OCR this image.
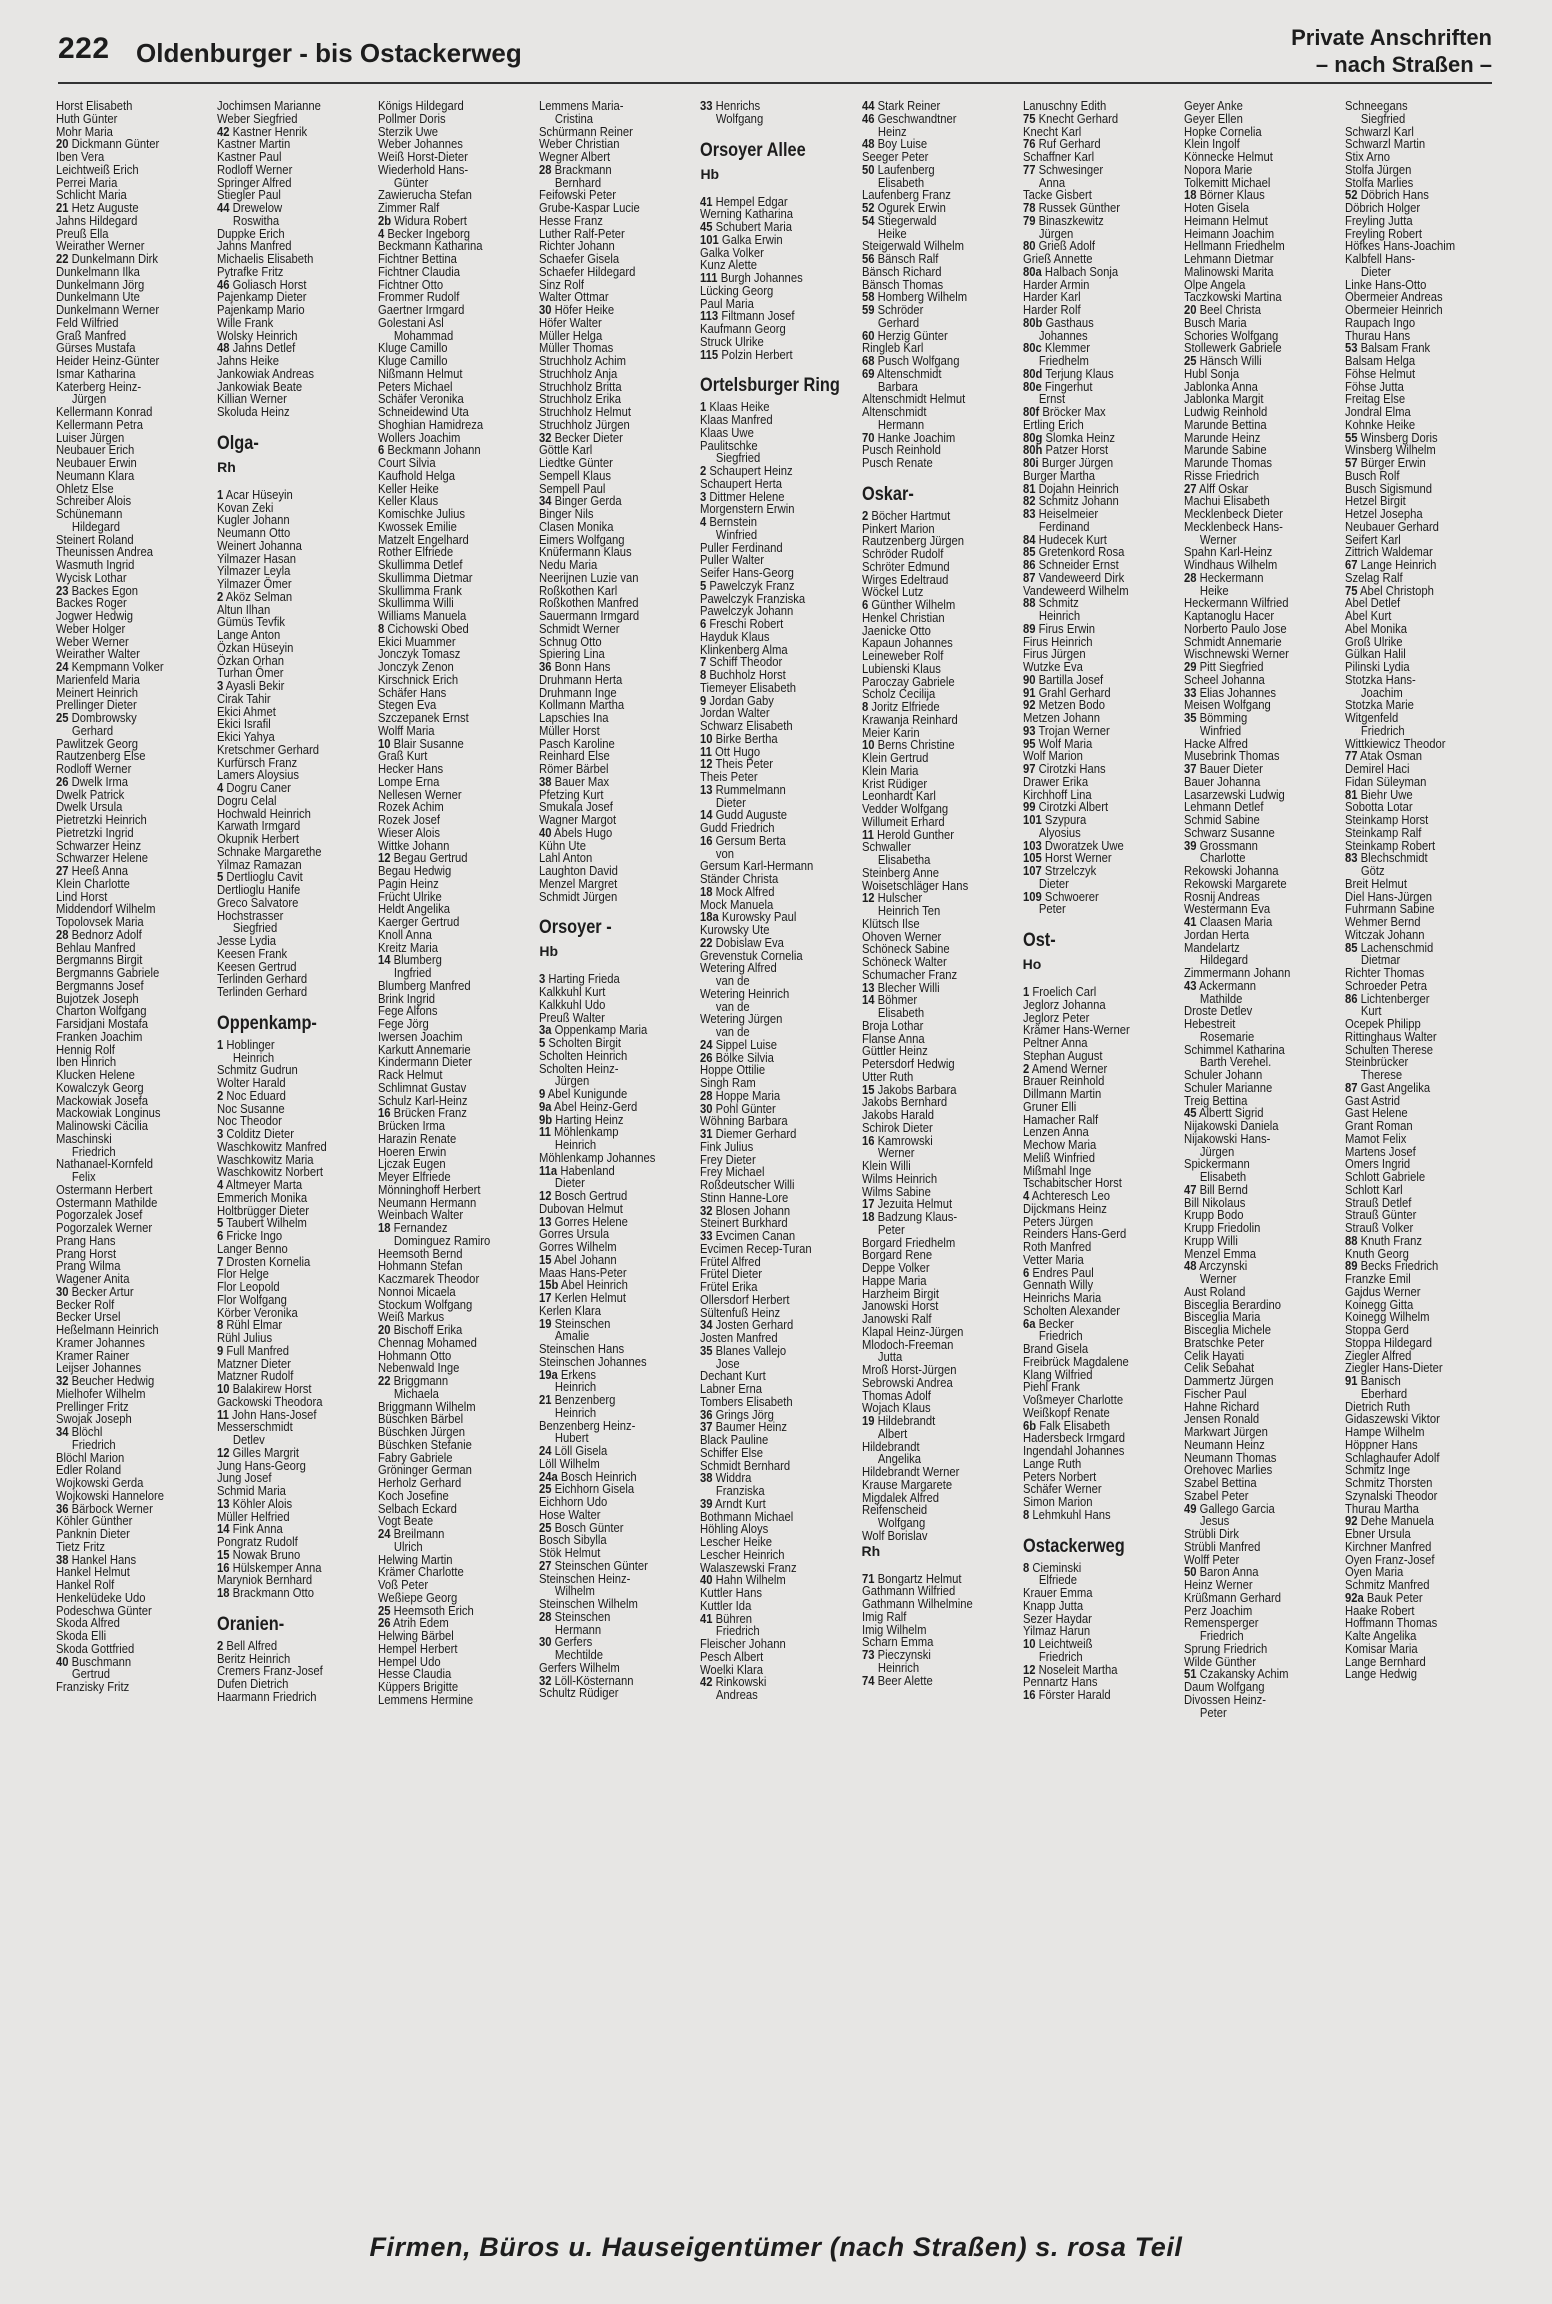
222 Oldenburger - bis Ostackerweg
Private Anschriften
– nach Straßen –
Horst Elisabeth
Huth Günter
Mohr Maria
20 Dickmann Günter
Iben Vera
Leichtweiß Erich
Perrei Maria
Schlicht Maria
21 Hetz Auguste
Jahns Hildegard
Preuß Ella
Weirather Werner
22 Dunkelmann Dirk
Dunkelmann Ilka
Dunkelmann Jörg
Dunkelmann Ute
Dunkelmann Werner
Feld Wilfried
Graß Manfred
Gürses Mustafa
Heider Heinz-Günter
Ismar Katharina
Katerberg Heinz-
Jürgen
Kellermann Konrad
Kellermann Petra
Luiser Jürgen
Neubauer Erich
Neubauer Erwin
Neumann Klara
Ohletz Else
Schreiber Alois
Schünemann
Hildegard
Steinert Roland
Theunissen Andrea
Wasmuth Ingrid
Wycisk Lothar
23 Backes Egon
Backes Roger
Jogwer Hedwig
Weber Holger
Weber Werner
Weirather Walter
24 Kempmann Volker
Marienfeld Maria
Meinert Heinrich
Prellinger Dieter
25 Dombrowsky
Gerhard
Pawlitzek Georg
Rautzenberg Else
Rodloff Werner
26 Dwelk Irma
Dwelk Patrick
Dwelk Ursula
Pietretzki Heinrich
Pietretzki Ingrid
Schwarzer Heinz
Schwarzer Helene
27 Heeß Anna
Klein Charlotte
Lind Horst
Middendorf Wilhelm
Topolovsek Maria
28 Bednorz Adolf
Behlau Manfred
Bergmanns Birgit
Bergmanns Gabriele
Bergmanns Josef
Bujotzek Joseph
Charton Wolfgang
Farsidjani Mostafa
Franken Joachim
Hennig Rolf
Iben Hinrich
Klucken Helene
Kowalczyk Georg
Mackowiak Josefa
Mackowiak Longinus
Malinowski Cäcilia
Maschinski
Friedrich
Nathanael-Kornfeld
Felix
Ostermann Herbert
Ostermann Mathilde
Pogorzalek Josef
Pogorzalek Werner
Prang Hans
Prang Horst
Prang Wilma
Wagener Anita
30 Becker Artur
Becker Rolf
Becker Ursel
Heßelmann Heinrich
Kramer Johannes
Kramer Rainer
Leijser Johannes
32 Beucher Hedwig
Mielhofer Wilhelm
Prellinger Fritz
Swojak Joseph
34 Blöchl
Friedrich
Blöchl Marion
Edler Roland
Wojkowski Gerda
Wojkowski Hannelore
36 Bärbock Werner
Köhler Günther
Panknin Dieter
Tietz Fritz
38 Hankel Hans
Hankel Helmut
Hankel Rolf
Henkelüdeke Udo
Podeschwa Günter
Skoda Alfred
Skoda Elli
Skoda Gottfried
40 Buschmann
Gertrud
Franzisky Fritz
Jochimsen Marianne
Weber Siegfried
42 Kastner Henrik
Kastner Martin
Kastner Paul
Rodloff Werner
Springer Alfred
Stiegler Paul
44 Drewelow
Roswitha
Duppke Erich
Jahns Manfred
Michaelis Elisabeth
Pytrafke Fritz
46 Goliasch Horst
Pajenkamp Dieter
Pajenkamp Mario
Wille Frank
Wolsky Heinrich
48 Jahns Detlef
Jahns Heike
Jankowiak Andreas
Jankowiak Beate
Killian Werner
Skoluda Heinz
Olga-
Rh
1 Acar Hüseyin
Kovan Zeki
Kugler Johann
Neumann Otto
Weinert Johanna
Yilmazer Hasan
Yilmazer Leyla
Yilmazer Ömer
2 Aköz Selman
Altun Ilhan
Gümüs Tevfik
Lange Anton
Özkan Hüseyin
Özkan Orhan
Turhan Ömer
3 Ayasli Bekir
Cirak Tahir
Ekici Ahmet
Ekici Israfil
Ekici Yahya
Kretschmer Gerhard
Kurfürsch Franz
Lamers Aloysius
4 Dogru Caner
Dogru Celal
Hochwald Heinrich
Karwath Irmgard
Okupnik Herbert
Schnake Margarethe
Yilmaz Ramazan
5 Dertlioglu Cavit
Dertlioglu Hanife
Greco Salvatore
Hochstrasser
Siegfried
Jesse Lydia
Keesen Frank
Keesen Gertrud
Terlinden Gerhard
Terlinden Gerhard
Oppenkamp-
1 Hoblinger
Heinrich
Schmitz Gudrun
Wolter Harald
2 Noc Eduard
Noc Susanne
Noc Theodor
3 Colditz Dieter
Waschkowitz Manfred
Waschkowitz Maria
Waschkowitz Norbert
4 Altmeyer Marta
Emmerich Monika
Holtbrügger Dieter
5 Taubert Wilhelm
6 Fricke Ingo
Langer Benno
7 Drosten Kornelia
Flor Helge
Flor Leopold
Flor Wolfgang
Körber Veronika
8 Rühl Elmar
Rühl Julius
9 Full Manfred
Matzner Dieter
Matzner Rudolf
10 Balakirew Horst
Gackowski Theodora
11 John Hans-Josef
Messerschmidt
Detlev
12 Gilles Margrit
Jung Hans-Georg
Jung Josef
Schmid Maria
13 Köhler Alois
Müller Helfried
14 Fink Anna
Pongratz Rudolf
15 Nowak Bruno
16 Hülskemper Anna
Maryniok Bernhard
18 Brackmann Otto
Oranien-
2 Bell Alfred
Beritz Heinrich
Cremers Franz-Josef
Dufen Dietrich
Haarmann Friedrich
Königs Hildegard
Pollmer Doris
Sterzik Uwe
Weber Johannes
Weiß Horst-Dieter
Wiederhold Hans-
Günter
Zawierucha Stefan
Zimmer Ralf
2b Widura Robert
4 Becker Ingeborg
Beckmann Katharina
Fichtner Bettina
Fichtner Claudia
Fichtner Otto
Frommer Rudolf
Gaertner Irmgard
Golestani Asl
Mohammad
Kluge Camillo
Kluge Camillo
Nißmann Helmut
Peters Michael
Schäfer Veronika
Schneidewind Uta
Shoghian Hamidreza
Wollers Joachim
6 Beckmann Johann
Court Silvia
Kaufhold Helga
Keller Heike
Keller Klaus
Komischke Julius
Kwossek Emilie
Matzelt Engelhard
Rother Elfriede
Skullimma Detlef
Skullimma Dietmar
Skullimma Frank
Skullimma Willi
Williams Manuela
8 Cichowski Obed
Ekici Muammer
Jonczyk Tomasz
Jonczyk Zenon
Kirschnick Erich
Schäfer Hans
Stegen Eva
Szczepanek Ernst
Wolff Maria
10 Blair Susanne
Graß Kurt
Hecker Hans
Lompe Erna
Nellesen Werner
Rozek Achim
Rozek Josef
Wieser Alois
Wittke Johann
12 Begau Gertrud
Begau Hedwig
Pagin Heinz
Frücht Ulrike
Heldt Angelika
Kaerger Gertrud
Knoll Anna
Kreitz Maria
14 Blumberg
Ingfried
Blumberg Manfred
Brink Ingrid
Fege Alfons
Fege Jörg
Iwersen Joachim
Karkutt Annemarie
Kindermann Dieter
Rack Helmut
Schlimnat Gustav
Schulz Karl-Heinz
16 Brücken Franz
Brücken Irma
Harazin Renate
Hoeren Erwin
Ljczak Eugen
Meyer Elfriede
Mönninghoff Herbert
Neumann Hermann
Weinbach Walter
18 Fernandez
Dominguez Ramiro
Heemsoth Bernd
Hohmann Stefan
Kaczmarek Theodor
Nonnoi Micaela
Stockum Wolfgang
Weiß Markus
20 Bischoff Erika
Chennag Mohamed
Hohmann Otto
Nebenwald Inge
22 Briggmann
Michaela
Briggmann Wilhelm
Büschken Bärbel
Büschken Jürgen
Büschken Stefanie
Fabry Gabriele
Gröninger German
Herholz Gerhard
Koch Josefine
Selbach Eckard
Vogt Beate
24 Breilmann
Ulrich
Helwing Martin
Krämer Charlotte
Voß Peter
Weßiepe Georg
25 Heemsoth Erich
26 Atrih Edem
Helwing Bärbel
Hempel Herbert
Hempel Udo
Hesse Claudia
Küppers Brigitte
Lemmens Hermine
Lemmens Maria-
Cristina
Schürmann Reiner
Weber Christian
Wegner Albert
28 Brackmann
Bernhard
Feifowski Peter
Grube-Kaspar Lucie
Hesse Franz
Luther Ralf-Peter
Richter Johann
Schaefer Gisela
Schaefer Hildegard
Sinz Rolf
Walter Ottmar
30 Höfer Heike
Höfer Walter
Müller Helga
Müller Thomas
Struchholz Achim
Struchholz Anja
Struchholz Britta
Struchholz Erika
Struchholz Helmut
Struchholz Jürgen
32 Becker Dieter
Göttle Karl
Liedtke Günter
Sempell Klaus
Sempell Paul
34 Binger Gerda
Binger Nils
Clasen Monika
Eimers Wolfgang
Knüfermann Klaus
Nedu Maria
Neerijnen Luzie van
Roßkothen Karl
Roßkothen Manfred
Sauermann Irmgard
Schmidt Werner
Schnug Otto
Spiering Lina
36 Bonn Hans
Druhmann Herta
Druhmann Inge
Kollmann Martha
Lapschies Ina
Müller Horst
Pasch Karoline
Reinhard Else
Römer Bärbel
38 Bauer Max
Pfetzing Kurt
Smukala Josef
Wagner Margot
40 Abels Hugo
Kühn Ute
Lahl Anton
Laughton David
Menzel Margret
Schmidt Jürgen
Orsoyer -
Hb
3 Harting Frieda
Kalkkuhl Kurt
Kalkkuhl Udo
Preuß Walter
3a Oppenkamp Maria
5 Scholten Birgit
Scholten Heinrich
Scholten Heinz-
Jürgen
9 Abel Kunigunde
9a Abel Heinz-Gerd
9b Harting Heinz
11 Möhlenkamp
Heinrich
Möhlenkamp Johannes
11a Habenland
Dieter
12 Bosch Gertrud
Dubovan Helmut
13 Gorres Helene
Gorres Ursula
Gorres Wilhelm
15 Abel Johann
Maas Hans-Peter
15b Abel Heinrich
17 Kerlen Helmut
Kerlen Klara
19 Steinschen
Amalie
Steinschen Hans
Steinschen Johannes
19a Erkens
Heinrich
21 Benzenberg
Heinrich
Benzenberg Heinz-
Hubert
24 Löll Gisela
Löll Wilhelm
24a Bosch Heinrich
25 Eichhorn Gisela
Eichhorn Udo
Hose Walter
25 Bosch Günter
Bosch Sibylla
Stök Helmut
27 Steinschen Günter
Steinschen Heinz-
Wilhelm
Steinschen Wilhelm
28 Steinschen
Hermann
30 Gerfers
Mechtilde
Gerfers Wilhelm
32 Löll-Kösternann
Schultz Rüdiger
33 Henrichs
Wolfgang
Orsoyer Allee
Hb
41 Hempel Edgar
Werning Katharina
45 Schubert Maria
101 Galka Erwin
Galka Volker
Kunz Alette
111 Burgh Johannes
Lücking Georg
Paul Maria
113 Filtmann Josef
Kaufmann Georg
Struck Ulrike
115 Polzin Herbert
Ortelsburger Ring
1 Klaas Heike
Klaas Manfred
Klaas Uwe
Paulitschke
Siegfried
2 Schaupert Heinz
Schaupert Herta
3 Dittmer Helene
Morgenstern Erwin
4 Bernstein
Winfried
Puller Ferdinand
Puller Walter
Seifer Hans-Georg
5 Pawelczyk Franz
Pawelczyk Franziska
Pawelczyk Johann
6 Freschi Robert
Hayduk Klaus
Klinkenberg Alma
7 Schiff Theodor
8 Buchholz Horst
Tiemeyer Elisabeth
9 Jordan Gaby
Jordan Walter
Schwarz Elisabeth
10 Birke Bertha
11 Ott Hugo
12 Theis Peter
Theis Peter
13 Rummelmann
Dieter
14 Gudd Auguste
Gudd Friedrich
16 Gersum Berta
von
Gersum Karl-Hermann
Ständer Christa
18 Mock Alfred
Mock Manuela
18a Kurowsky Paul
Kurowsky Ute
22 Dobislaw Eva
Grevenstuk Cornelia
Wetering Alfred
van de
Wetering Heinrich
van de
Wetering Jürgen
van de
24 Sippel Luise
26 Bölke Silvia
Hoppe Ottilie
Singh Ram
28 Hoppe Maria
30 Pohl Günter
Wöhning Barbara
31 Diemer Gerhard
Fink Julius
Frey Dieter
Frey Michael
Roßdeutscher Willi
Stinn Hanne-Lore
32 Blosen Johann
Steinert Burkhard
33 Evcimen Canan
Evcimen Recep-Turan
Frütel Alfred
Frütel Dieter
Frütel Erika
Ollersdorf Herbert
Sültenfuß Heinz
34 Josten Gerhard
Josten Manfred
35 Blanes Vallejo
Jose
Dechant Kurt
Labner Erna
Tombers Elisabeth
36 Grings Jörg
37 Baumer Heinz
Black Pauline
Schiffer Else
Schmidt Bernhard
38 Widdra
Franziska
39 Arndt Kurt
Bothmann Michael
Höhling Aloys
Lescher Heike
Lescher Heinrich
Walaszewski Franz
40 Hahn Wilhelm
Kuttler Hans
Kuttler Ida
41 Bühren
Friedrich
Fleischer Johann
Pesch Albert
Woelki Klara
42 Rinkowski
Andreas
44 Stark Reiner
46 Geschwandtner
Heinz
48 Boy Luise
Seeger Peter
50 Laufenberg
Elisabeth
Laufenberg Franz
52 Ogurek Erwin
54 Stiegerwald
Heike
Steigerwald Wilhelm
56 Bänsch Ralf
Bänsch Richard
Bänsch Thomas
58 Homberg Wilhelm
59 Schröder
Gerhard
60 Herzig Günter
Ringleb Karl
68 Pusch Wolfgang
69 Altenschmidt
Barbara
Altenschmidt Helmut
Altenschmidt
Hermann
70 Hanke Joachim
Pusch Reinhold
Pusch Renate
Oskar-
2 Böcher Hartmut
Pinkert Marion
Rautzenberg Jürgen
Schröder Rudolf
Schröter Edmund
Wirges Edeltraud
Wöckel Lutz
6 Günther Wilhelm
Henkel Christian
Jaenicke Otto
Kapaun Johannes
Leineweber Rolf
Lubienski Klaus
Paroczay Gabriele
Scholz Cecilija
8 Joritz Elfriede
Krawanja Reinhard
Meier Karin
10 Berns Christine
Klein Gertrud
Klein Maria
Krist Rüdiger
Leonhardt Karl
Vedder Wolfgang
Willumeit Erhard
11 Herold Gunther
Schwaller
Elisabetha
Steinberg Anne
Woisetschläger Hans
12 Hulscher
Heinrich Ten
Klütsch Ilse
Ohoven Werner
Schöneck Sabine
Schöneck Walter
Schumacher Franz
13 Blecher Willi
14 Böhmer
Elisabeth
Broja Lothar
Flanse Anna
Güttler Heinz
Petersdorf Hedwig
Utter Ruth
15 Jakobs Barbara
Jakobs Bernhard
Jakobs Harald
Schirok Dieter
16 Kamrowski
Werner
Klein Willi
Wilms Heinrich
Wilms Sabine
17 Jezuita Helmut
18 Badzung Klaus-
Peter
Borgard Friedhelm
Borgard Rene
Deppe Volker
Happe Maria
Harzheim Birgit
Janowski Horst
Janowski Ralf
Klapal Heinz-Jürgen
Mlodoch-Freeman
Jutta
Mroß Horst-Jürgen
Sebrowski Andrea
Thomas Adolf
Wojach Klaus
19 Hildebrandt
Albert
Hildebrandt
Angelika
Hildebrandt Werner
Krause Margarete
Migdalek Alfred
Reifenscheid
Wolfgang
Wolf Borislav
Rh
71 Bongartz Helmut
Gathmann Wilfried
Gathmann Wilhelmine
Imig Ralf
Imig Wilhelm
Scharn Emma
73 Pieczynski
Heinrich
74 Beer Alette
Lanuschny Edith
75 Knecht Gerhard
Knecht Karl
76 Ruf Gerhard
Schaffner Karl
77 Schwesinger
Anna
Tacke Gisbert
78 Russek Günther
79 Binaszkewitz
Jürgen
80 Grieß Adolf
Grieß Annette
80a Halbach Sonja
Harder Armin
Harder Karl
Harder Rolf
80b Gasthaus
Johannes
80c Klemmer
Friedhelm
80d Terjung Klaus
80e Fingerhut
Ernst
80f Bröcker Max
Ertling Erich
80g Slomka Heinz
80h Patzer Horst
80i Burger Jürgen
Burger Martha
81 Dojahn Heinrich
82 Schmitz Johann
83 Heiselmeier
Ferdinand
84 Hudecek Kurt
85 Gretenkord Rosa
86 Schneider Ernst
87 Vandeweerd Dirk
Vandeweerd Wilhelm
88 Schmitz
Heinrich
89 Firus Erwin
Firus Heinrich
Firus Jürgen
Wutzke Eva
90 Bartilla Josef
91 Grahl Gerhard
92 Metzen Bodo
Metzen Johann
93 Trojan Werner
95 Wolf Maria
Wolf Marion
97 Cirotzki Hans
Drawer Erika
Kirchhoff Lina
99 Cirotzki Albert
101 Szypura
Alyosius
103 Dworatzek Uwe
105 Horst Werner
107 Strzelczyk
Dieter
109 Schwoerer
Peter
Ost-
Ho
1 Froelich Carl
Jeglorz Johanna
Jeglorz Peter
Krämer Hans-Werner
Peltner Anna
Stephan August
2 Amend Werner
Brauer Reinhold
Dillmann Martin
Gruner Elli
Hamacher Ralf
Lenzen Anna
Mechow Maria
Meliß Winfried
Mißmahl Inge
Tschabitscher Horst
4 Achteresch Leo
Dijckmans Heinz
Peters Jürgen
Reinders Hans-Gerd
Roth Manfred
Vetter Maria
6 Endres Paul
Gennath Willy
Heinrichs Maria
Scholten Alexander
6a Becker
Friedrich
Brand Gisela
Freibrück Magdalene
Klang Wilfried
Piehl Frank
Voßmeyer Charlotte
Weißkopf Renate
6b Falk Elisabeth
Hadersbeck Irmgard
Ingendahl Johannes
Lange Ruth
Peters Norbert
Schäfer Werner
Simon Marion
8 Lehmkuhl Hans
Ostackerweg
8 Cieminski
Elfriede
Krauer Emma
Knapp Jutta
Sezer Haydar
Yilmaz Harun
10 Leichtweiß
Friedrich
12 Noseleit Martha
Pennartz Hans
16 Förster Harald
Geyer Anke
Geyer Ellen
Hopke Cornelia
Klein Ingolf
Könnecke Helmut
Nopora Marie
Tolkemitt Michael
18 Börner Klaus
Hoten Gisela
Heimann Helmut
Heimann Joachim
Hellmann Friedhelm
Lehmann Dietmar
Malinowski Marita
Olpe Angela
Taczkowski Martina
20 Beel Christa
Busch Maria
Schories Wolfgang
Stollewerk Gabriele
25 Hänsch Willi
Hubl Sonja
Jablonka Anna
Jablonka Margit
Ludwig Reinhold
Marunde Bettina
Marunde Heinz
Marunde Sabine
Marunde Thomas
Risse Friedrich
27 Alff Oskar
Machui Elisabeth
Mecklenbeck Dieter
Mecklenbeck Hans-
Werner
Spahn Karl-Heinz
Windhaus Wilhelm
28 Heckermann
Heike
Heckermann Wilfried
Kaptanoglu Hacer
Norberto Paulo Jose
Schmidt Annemarie
Wischnewski Werner
29 Pitt Siegfried
Scheel Johanna
33 Elias Johannes
Meisen Wolfgang
35 Bömming
Winfried
Hacke Alfred
Musebrink Thomas
37 Bauer Dieter
Bauer Johanna
Lasarzewski Ludwig
Lehmann Detlef
Schmid Sabine
Schwarz Susanne
39 Grossmann
Charlotte
Rekowski Johanna
Rekowski Margarete
Rosnij Andreas
Westermann Eva
41 Claasen Maria
Jordan Herta
Mandelartz
Hildegard
Zimmermann Johann
43 Ackermann
Mathilde
Droste Detlev
Hebestreit
Rosemarie
Schimmel Katharina
Barth Verehel.
Schuler Johann
Schuler Marianne
Treig Bettina
45 Albertt Sigrid
Nijakowski Daniela
Nijakowski Hans-
Jürgen
Spickermann
Elisabeth
47 Bill Bernd
Bill Nikolaus
Krupp Bodo
Krupp Friedolin
Krupp Willi
Menzel Emma
48 Arczynski
Werner
Aust Roland
Bisceglia Berardino
Bisceglia Maria
Bisceglia Michele
Bratschke Peter
Celik Hayati
Celik Sebahat
Dammertz Jürgen
Fischer Paul
Hahne Richard
Jensen Ronald
Markwart Jürgen
Neumann Heinz
Neumann Thomas
Orehovec Marlies
Szabel Bettina
Szabel Peter
49 Gallego Garcia
Jesus
Strübli Dirk
Strübli Manfred
Wolff Peter
50 Baron Anna
Heinz Werner
Krüßmann Gerhard
Perz Joachim
Remensperger
Friedrich
Sprung Friedrich
Wilde Günther
51 Czakansky Achim
Daum Wolfgang
Divossen Heinz-
Peter
Schneegans
Siegfried
Schwarzl Karl
Schwarzl Martin
Stix Arno
Stolfa Jürgen
Stolfa Marlies
52 Döbrich Hans
Döbrich Holger
Freyling Jutta
Freyling Robert
Höfkes Hans-Joachim
Kalbfell Hans-
Dieter
Linke Hans-Otto
Obermeier Andreas
Obermeier Heinrich
Raupach Ingo
Thurau Hans
53 Balsam Frank
Balsam Helga
Föhse Helmut
Föhse Jutta
Freitag Else
Jondral Elma
Kohnke Heike
55 Winsberg Doris
Winsberg Wilhelm
57 Bürger Erwin
Busch Rolf
Busch Sigismund
Hetzel Birgit
Hetzel Josepha
Neubauer Gerhard
Seifert Karl
Zittrich Waldemar
67 Lange Heinrich
Szelag Ralf
75 Abel Christoph
Abel Detlef
Abel Kurt
Abel Monika
Groß Ulrike
Gülkan Halil
Pilinski Lydia
Stotzka Hans-
Joachim
Stotzka Marie
Witgenfeld
Friedrich
Wittkiewicz Theodor
77 Atak Osman
Demirel Haci
Fidan Süleyman
81 Biehr Uwe
Sobotta Lotar
Steinkamp Horst
Steinkamp Ralf
Steinkamp Robert
83 Blechschmidt
Götz
Breit Helmut
Diel Hans-Jürgen
Fuhrmann Sabine
Wehmer Bernd
Witczak Johann
85 Lachenschmid
Dietmar
Richter Thomas
Schroeder Petra
86 Lichtenberger
Kurt
Ocepek Philipp
Rittinghaus Walter
Schulten Therese
Steinbrücker
Therese
87 Gast Angelika
Gast Astrid
Gast Helene
Grant Roman
Mamot Felix
Martens Josef
Omers Ingrid
Schlott Gabriele
Schlott Karl
Strauß Detlef
Strauß Günter
Strauß Volker
88 Knuth Franz
Knuth Georg
89 Becks Friedrich
Franzke Emil
Gajdus Werner
Koinegg Gitta
Koinegg Wilhelm
Stoppa Gerd
Stoppa Hildegard
Ziegler Alfred
Ziegler Hans-Dieter
91 Banisch
Eberhard
Dietrich Ruth
Gidaszewski Viktor
Hampe Wilhelm
Höppner Hans
Schlaghaufer Adolf
Schmitz Inge
Schmitz Thorsten
Szynalski Theodor
Thurau Martha
92 Dehe Manuela
Ebner Ursula
Kirchner Manfred
Oyen Franz-Josef
Oyen Maria
Schmitz Manfred
92a Bauk Peter
Haake Robert
Hoffmann Thomas
Kalte Angelika
Komisar Maria
Lange Bernhard
Lange Hedwig
Firmen, Büros u. Hauseigentümer (nach Straßen) s. rosa Teil
